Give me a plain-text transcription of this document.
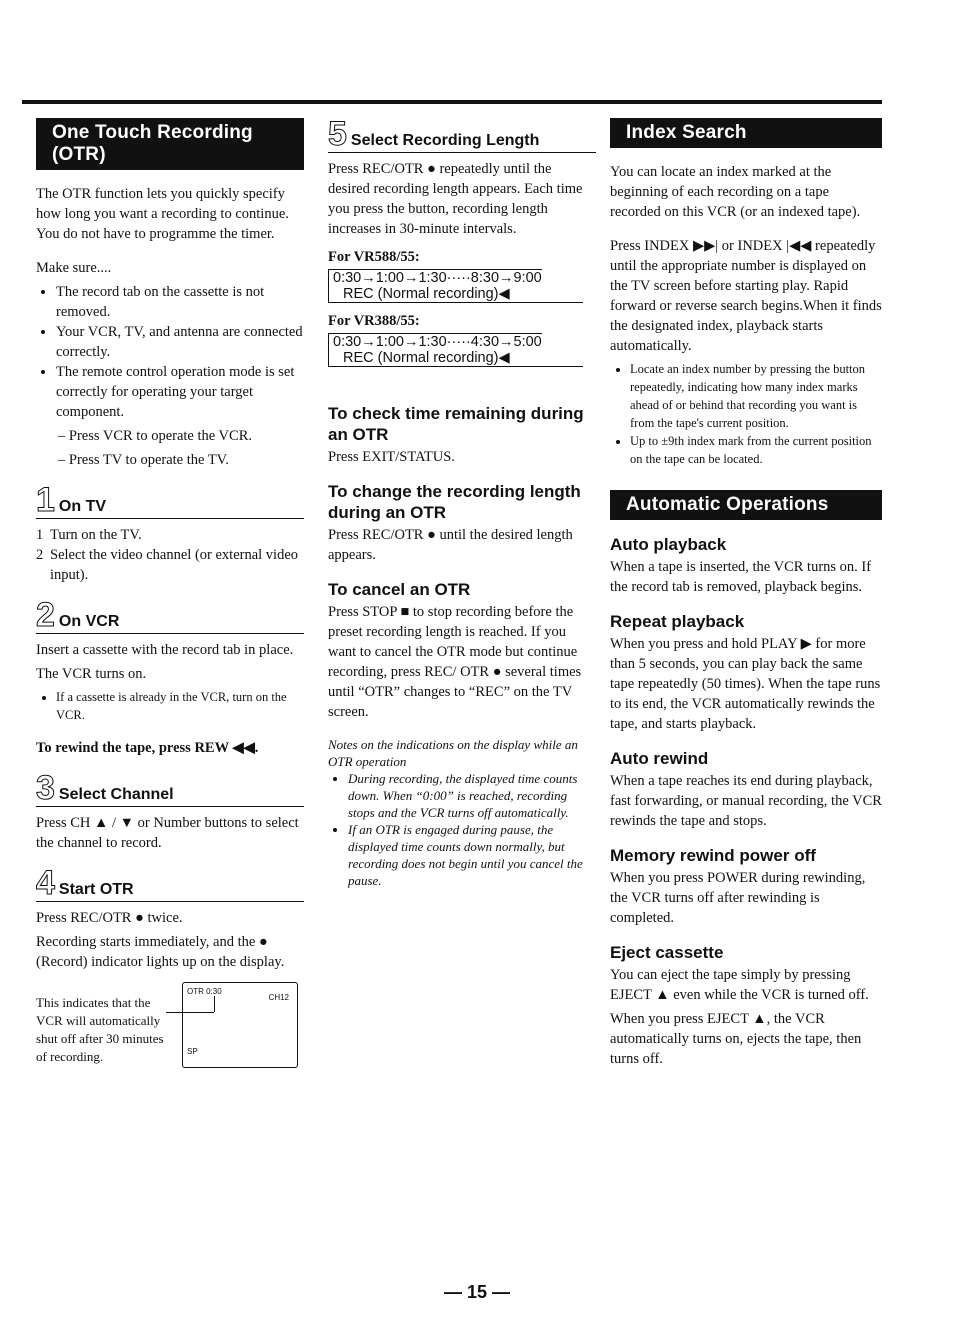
One Touch Recording (OTR)

The OTR function lets you quickly specify how long you want a recording to continue. You do not have to programme the timer.

Make sure....

• The record tab on the cassette is not removed.
• Your VCR, TV, and antenna are connected correctly.
• The remote control operation mode is set correctly for operating your target component.

– Press VCR to operate the VCR.

– Press TV to operate the TV.

1 On TV
1 Turn on the TV.
2 Select the video channel (or external video input).
2 On VCR

Insert a cassette with the record tab in place.

The VCR turns on.

• If a cassette is already in the VCR, turn on the VCR.

To rewind the tape, press REW ◀◀.

3 Select Channel

Press CH ▲ / ▼ or Number buttons to select the channel to record.

4 Start OTR

Press REC/OTR ● twice.

Recording starts immediately, and the ● (Record) indicator lights up on the display.

This indicates that the VCR will automatically shut off after 30 minutes of recording.
OTR 0:30
CH12
SP
5 Select Recording Length

Press REC/OTR ● repeatedly until the desired recording length appears. Each time you press the button, recording length increases in 30-minute intervals.

For VR588/55:

0:30→1:00→1:30·····8:30→9:00
REC (Normal recording)◀

For VR388/55:

0:30→1:00→1:30·····4:30→5:00
REC (Normal recording)◀
To check time remaining during an OTR

Press EXIT/STATUS.

To change the recording length during an OTR

Press REC/OTR ● until the desired length appears.

To cancel an OTR

Press STOP ■ to stop recording before the preset recording length is reached. If you want to cancel the OTR mode but continue recording, press REC/ OTR ● several times until “OTR” changes to “REC” on the TV screen.

Notes on the indications on the display while an OTR operation
• During recording, the displayed time counts down. When “0:00” is reached, recording stops and the VCR turns off automatically.
• If an OTR is engaged during pause, the displayed time counts down normally, but recording does not begin until you cancel the pause.
Index Search

You can locate an index marked at the beginning of each recording on a tape recorded on this VCR (or an indexed tape).

Press INDEX ▶▶| or INDEX |◀◀ repeatedly until the appropriate number is displayed on the TV screen before starting play. Rapid forward or reverse search begins.When it finds the designated index, playback starts automatically.

• Locate an index number by pressing the button repeatedly, indicating how many index marks ahead of or behind that recording you want is from the tape's current position.
• Up to ±9th index mark from the current position on the tape can be located.
Automatic Operations
Auto playback

When a tape is inserted, the VCR turns on. If the record tab is removed, playback begins.

Repeat playback

When you press and hold PLAY ▶ for more than 5 seconds, you can play back the same tape repeatedly (50 times). When the tape runs to its end, the VCR automatically rewinds the tape, and starts playback.

Auto rewind

When a tape reaches its end during playback, fast forwarding, or manual recording, the VCR rewinds the tape and stops.

Memory rewind power off

When you press POWER during rewinding, the VCR turns off after rewinding is completed.

Eject cassette

You can eject the tape simply by pressing EJECT ▲ even while the VCR is turned off.

When you press EJECT ▲, the VCR automatically turns on, ejects the tape, then turns off.

— 15 —
